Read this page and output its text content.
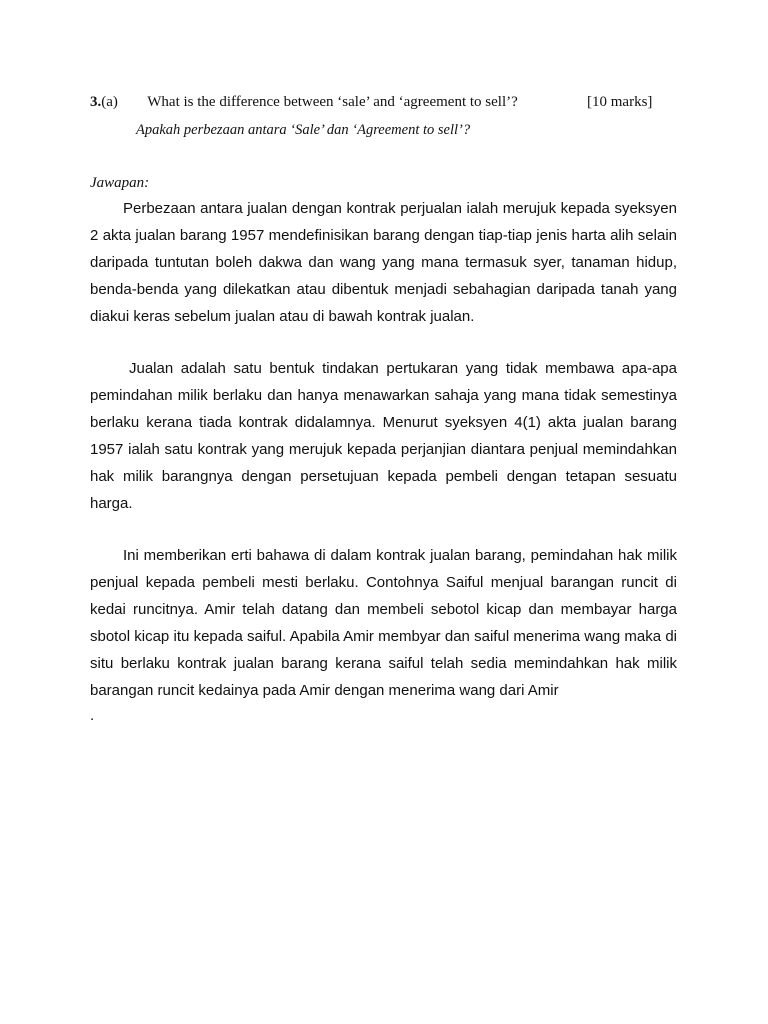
3.(a) What is the difference between ‘sale’ and ‘agreement to sell’?	[10 marks]
Apakah perbezaan antara ‘Sale’ dan ‘Agreement to sell’?
Jawapan:

Perbezaan antara jualan dengan kontrak perjualan ialah merujuk kepada syeksyen 2 akta jualan barang 1957 mendefinisikan barang dengan tiap-tiap jenis harta alih selain daripada tuntutan boleh dakwa dan wang yang mana termasuk syer, tanaman hidup, benda-benda yang dilekatkan atau dibentuk menjadi sebahagian daripada tanah yang diakui keras sebelum jualan atau di bawah kontrak jualan.

Jualan adalah satu bentuk tindakan pertukaran yang tidak membawa apa-apa pemindahan milik berlaku dan hanya menawarkan sahaja yang mana tidak semestinya berlaku kerana tiada kontrak didalamnya. Menurut syeksyen 4(1) akta jualan barang 1957 ialah satu kontrak yang merujuk kepada perjanjian diantara penjual memindahkan hak milik barangnya dengan persetujuan kepada pembeli dengan tetapan sesuatu harga.

Ini memberikan erti bahawa di dalam kontrak jualan barang, pemindahan hak milik penjual kepada pembeli mesti berlaku. Contohnya Saiful menjual barangan runcit di kedai runcitnya. Amir telah datang dan membeli sebotol kicap dan membayar harga sbotol kicap itu kepada saiful. Apabila Amir membyar dan saiful menerima wang maka di situ berlaku kontrak jualan barang kerana saiful telah sedia memindahkan hak milik barangan runcit kedainya pada Amir dengan menerima wang dari Amir

.
